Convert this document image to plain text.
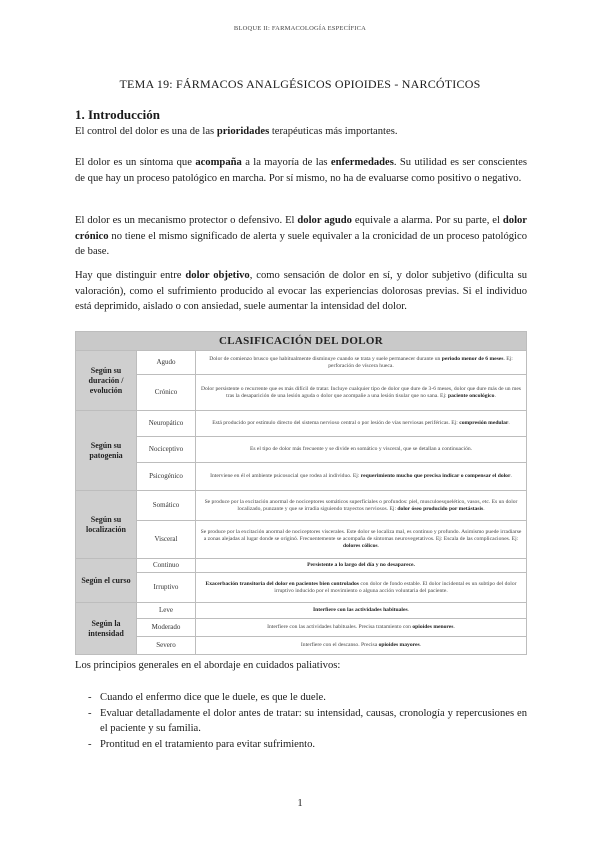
BLOQUE II: FARMACOLOGÍA ESPECÍFICA
TEMA 19: FÁRMACOS ANALGÉSICOS OPIOIDES - NARCÓTICOS
1. Introducción

El control del dolor es una de las prioridades terapéuticas más importantes.

El dolor es un síntoma que acompaña a la mayoría de las enfermedades. Su utilidad es ser conscientes de que hay un proceso patológico en marcha. Por sí mismo, no ha de evaluarse como positivo o negativo.

El dolor es un mecanismo protector o defensivo. El dolor agudo equivale a alarma. Por su parte, el dolor crónico no tiene el mismo significado de alerta y suele equivaler a la cronicidad de un proceso patológico de base.

Hay que distinguir entre dolor objetivo, como sensación de dolor en sí, y dolor subjetivo (dificulta su valoración), como el sufrimiento producido al evocar las experiencias dolorosas previas. Si el individuo está deprimido, aislado o con ansiedad, suele aumentar la intensidad del dolor.

CLASIFICACIÓN DEL DOLOR		
Según su duración / evolución	Agudo	Dolor de comienzo brusco que habitualmente disminuye cuando se trata y suele permanecer durante un periodo menor de 6 meses. Ej: perforación de víscera hueca.
	Crónico	Dolor persistente o recurrente que es más difícil de tratar. Incluye cualquier tipo de dolor que dure de 3-6 meses, dolor que dure más de un mes tras la desaparición de una lesión aguda o dolor que acompañe a una lesión tisular que no sana. Ej: paciente oncológico.
Según su patogenia	Neuropático	Está producido por estímulo directo del sistema nervioso central o por lesión de vías nerviosas periféricas. Ej: compresión medular.
	Nociceptivo	Es el tipo de dolor más frecuente y se divide en somático y visceral, que se detallan a continuación.
	Psicogénico	Interviene en él el ambiente psicosocial que rodea al individuo. Ej: requerimiento mucho que precisa indicar o compensar el dolor.
Según su localización	Somático	Se produce por la excitación anormal de nociceptores somáticos superficiales o profundos: piel, musculoesquelético, vasos, etc. Es un dolor localizado, punzante y que se irradia siguiendo trayectos nerviosos. Ej: dolor óseo producido por metástasis.
	Visceral	Se produce por la excitación anormal de nociceptores viscerales. Este dolor se localiza mal, es continuo y profundo. Asimismo puede irradiarse a zonas alejadas al lugar donde se originó. Frecuentemente se acompaña de síntomas neurovegetativos. Ej: Escala de las complicaciones. Ej: dolores cólicos.
Según el curso	Continuo	Persistente a lo largo del día y no desaparece.
	Irruptivo	Exacerbación transitoria del dolor en pacientes bien controlados con dolor de fondo estable. El dolor incidental es un subtipo del dolor irruptivo inducido por el movimiento o alguna acción voluntaria del paciente.
Según la intensidad	Leve	Interfiere con las actividades habituales.
	Moderado	Interfiere con las actividades habituales. Precisa tratamiento con opioides menores.
	Severo	Interfiere con el descanso. Precisa opioides mayores.
Los principios generales en el abordaje en cuidados paliativos:
- Cuando el enfermo dice que le duele, es que le duele.
- Evaluar detalladamente el dolor antes de tratar: su intensidad, causas, cronología y repercusiones en el paciente y su familia.
- Prontitud en el tratamiento para evitar sufrimiento.
1
